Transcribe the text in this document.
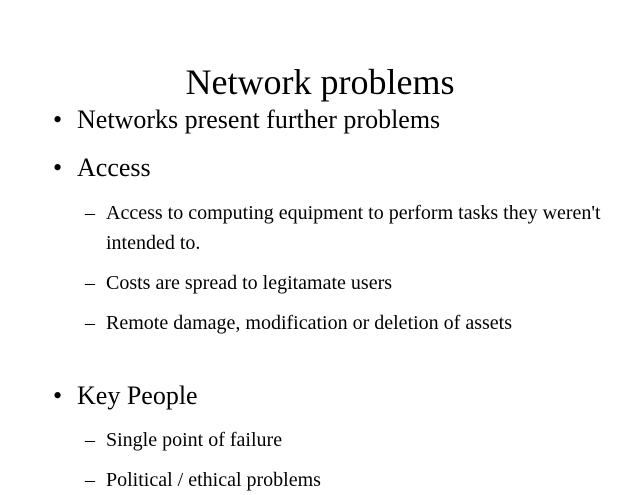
Network problems
• Networks present further problems
• Access
– Access to computing equipment to perform tasks they weren't intended to.
– Costs are spread to legitamate users
– Remote damage, modification or deletion of assets
• Key People
– Single point of failure
– Political / ethical problems
